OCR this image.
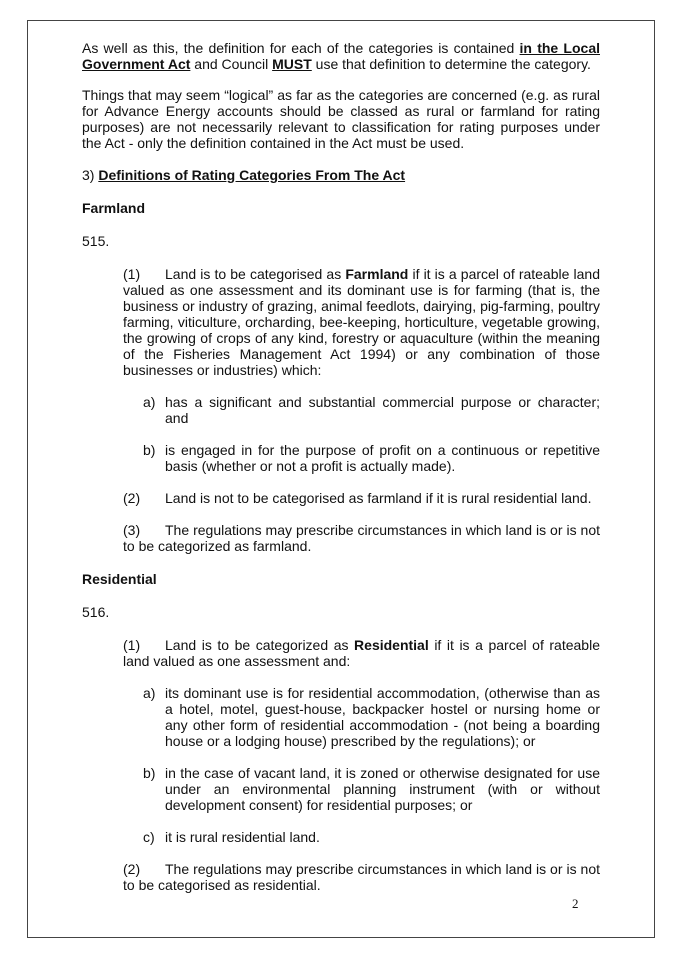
As well as this, the definition for each of the categories is contained in the Local Government Act and Council MUST use that definition to determine the category.

Things that may seem “logical” as far as the categories are concerned (e.g. as rural for Advance Energy accounts should be classed as rural or farmland for rating purposes) are not necessarily relevant to classification for rating purposes under the Act - only the definition contained in the Act must be used.

3) Definitions of Rating Categories From The Act

Farmland

515.

(1) Land is to be categorised as Farmland if it is a parcel of rateable land valued as one assessment and its dominant use is for farming (that is, the business or industry of grazing, animal feedlots, dairying, pig-farming, poultry farming, viticulture, orcharding, bee-keeping, horticulture, vegetable growing, the growing of crops of any kind, forestry or aquaculture (within the meaning of the Fisheries Management Act 1994) or any combination of those businesses or industries) which:

a) has a significant and substantial commercial purpose or character; and
b) is engaged in for the purpose of profit on a continuous or repetitive basis (whether or not a profit is actually made).

(2) Land is not to be categorised as farmland if it is rural residential land.

(3) The regulations may prescribe circumstances in which land is or is not to be categorized as farmland.

Residential

516.

(1) Land is to be categorized as Residential if it is a parcel of rateable land valued as one assessment and:

a) its dominant use is for residential accommodation, (otherwise than as a hotel, motel, guest-house, backpacker hostel or nursing home or any other form of residential accommodation - (not being a boarding house or a lodging house) prescribed by the regulations); or
b) in the case of vacant land, it is zoned or otherwise designated for use under an environmental planning instrument (with or without development consent) for residential purposes; or
c) it is rural residential land.

(2) The regulations may prescribe circumstances in which land is or is not to be categorised as residential.

2
